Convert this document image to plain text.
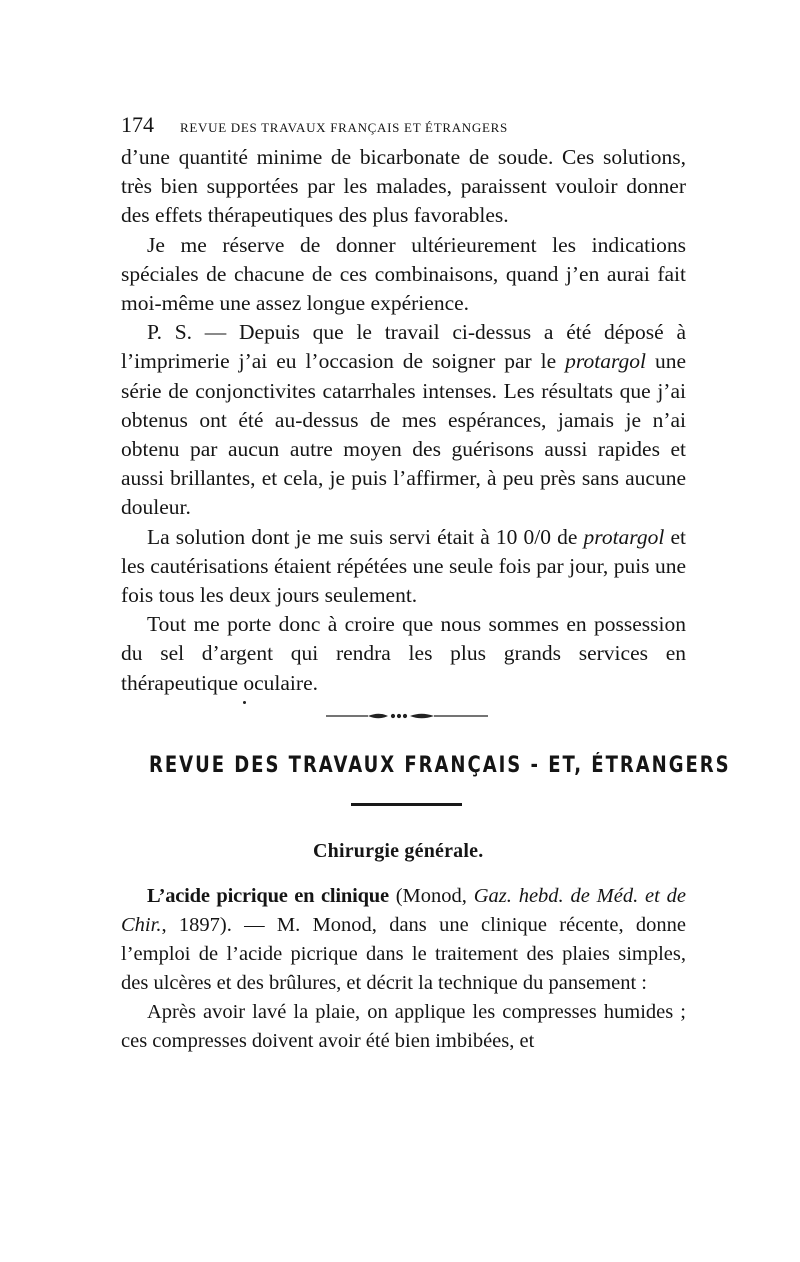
174 REVUE DES TRAVAUX FRANÇAIS ET ÉTRANGERS

d’une quantité minime de bicarbonate de soude. Ces solutions, très bien supportées par les malades, paraissent vouloir donner des effets thérapeutiques des plus favorables.

Je me réserve de donner ultérieurement les indications spéciales de chacune de ces combinaisons, quand j’en aurai fait moi-même une assez longue expérience.

P. S. — Depuis que le travail ci-dessus a été déposé à l’imprimerie j’ai eu l’occasion de soigner par le protargol une série de conjonctivites catarrhales intenses. Les résultats que j’ai obtenus ont été au-dessus de mes espérances, jamais je n’ai obtenu par aucun autre moyen des guérisons aussi rapides et aussi brillantes, et cela, je puis l’affirmer, à peu près sans aucune douleur.

La solution dont je me suis servi était à 10 0/0 de protargol et les cautérisations étaient répétées une seule fois par jour, puis une fois tous les deux jours seulement.

Tout me porte donc à croire que nous sommes en possession du sel d’argent qui rendra les plus grands services en thérapeutique oculaire.

REVUE DES TRAVAUX FRANÇAIS - ET, ÉTRANGERS
Chirurgie générale.

L’acide picrique en clinique (Monod, Gaz. hebd. de Méd. et de Chir., 1897). — M. Monod, dans une clinique récente, donne l’emploi de l’acide picrique dans le traitement des plaies simples, des ulcères et des brûlures, et décrit la technique du pansement :

Après avoir lavé la plaie, on applique les compresses humides ; ces compresses doivent avoir été bien imbibées, et
